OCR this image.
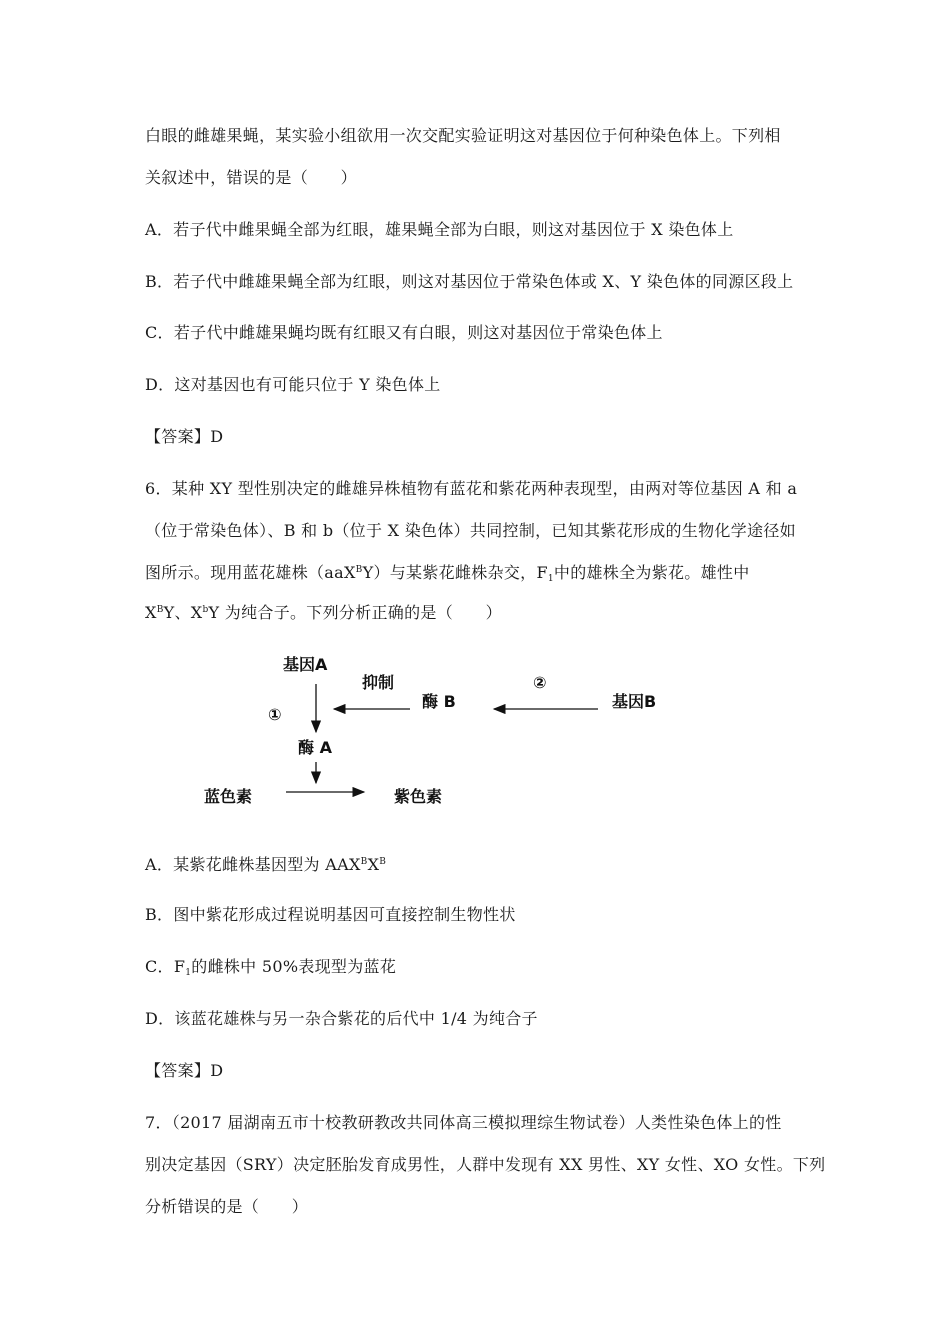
白眼的雌雄果蝇，某实验小组欲用一次交配实验证明这对基因位于何种染色体上。下列相
关叙述中，错误的是（　　）
A．若子代中雌果蝇全部为红眼，雄果蝇全部为白眼，则这对基因位于 X 染色体上
B．若子代中雌雄果蝇全部为红眼，则这对基因位于常染色体或 X、Y 染色体的同源区段上
C．若子代中雌雄果蝇均既有红眼又有白眼，则这对基因位于常染色体上
D．这对基因也有可能只位于 Y 染色体上
【答案】D
6．某种 XY 型性别决定的雌雄异株植物有蓝花和紫花两种表现型，由两对等位基因 A 和 a
（位于常染色体）、B 和 b（位于 X 染色体）共同控制，已知其紫花形成的生物化学途径如
图所示。现用蓝花雄株（aaX$^B$Y）与某紫花雌株杂交，$F_1$中的雄株全为紫花。雄性中
$X^BY$、$X^bY$ 为纯合子。下列分析正确的是（　　）
基因A
抑制	②
①
酶 B	基因B
酶 A
蓝色素	紫色素
A．某紫花雌株基因型为 $AAX^BX^B$
B．图中紫花形成过程说明基因可直接控制生物性状
C．$F_1$的雌株中 50%表现型为蓝花
D．该蓝花雄株与另一杂合紫花的后代中 1/4 为纯合子
【答案】D
7．（2017 届湖南五市十校教研教改共同体高三模拟理综生物试卷）人类性染色体上的性
别决定基因（SRY）决定胚胎发育成男性，人群中发现有 XX 男性、XY 女性、XO 女性。下列
分析错误的是（　　）
